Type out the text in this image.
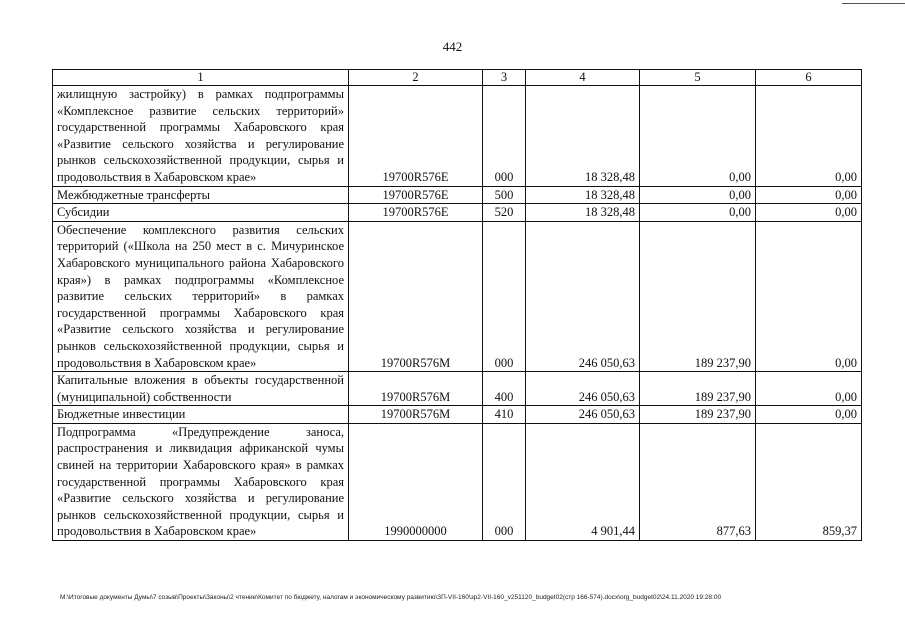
442
1	2	3	4	5	6
жилищную застройку) в рамках подпрограммы «Комплексное развитие сельских территорий» государственной программы Хабаровского края «Развитие сельского хозяйства и регулирование рынков сельскохозяйственной продукции, сырья и продовольствия в Хабаровском крае»	19700R576E	000	18 328,48	0,00	0,00
Межбюджетные трансферты	19700R576E	500	18 328,48	0,00	0,00
Субсидии	19700R576E	520	18 328,48	0,00	0,00
Обеспечение комплексного развития сельских территорий («Школа на 250 мест в с. Мичуринское Хабаровского муниципального района Хабаровского края») в рамках подпрограммы «Комплексное развитие сельских территорий» в рамках государственной программы Хабаровского края «Развитие сельского хозяйства и регулирование рынков сельскохозяйственной продукции, сырья и продовольствия в Хабаровском крае»	19700R576M	000	246 050,63	189 237,90	0,00
Капитальные вложения в объекты государственной (муниципальной) собственности	19700R576M	400	246 050,63	189 237,90	0,00
Бюджетные инвестиции	19700R576M	410	246 050,63	189 237,90	0,00
Подпрограмма «Предупреждение заноса, распространения и ликвидация африканской чумы свиней на территории Хабаровского края» в рамках государственной программы Хабаровского края «Развитие сельского хозяйства и регулирование рынков сельскохозяйственной продукции, сырья и продовольствия в Хабаровском крае»	1990000000	000	4 901,44	877,63	859,37
M:\Итоговые документы Думы\7 созыв\Проекты\Законы\2 чтение\Комитет по бюджету, налогам и экономическому развитию\ЗП-VII-160\зр2-VII-160_v251120_budget02(стр 166-574).docx\org_budget02\24.11.2020 19:28:00
